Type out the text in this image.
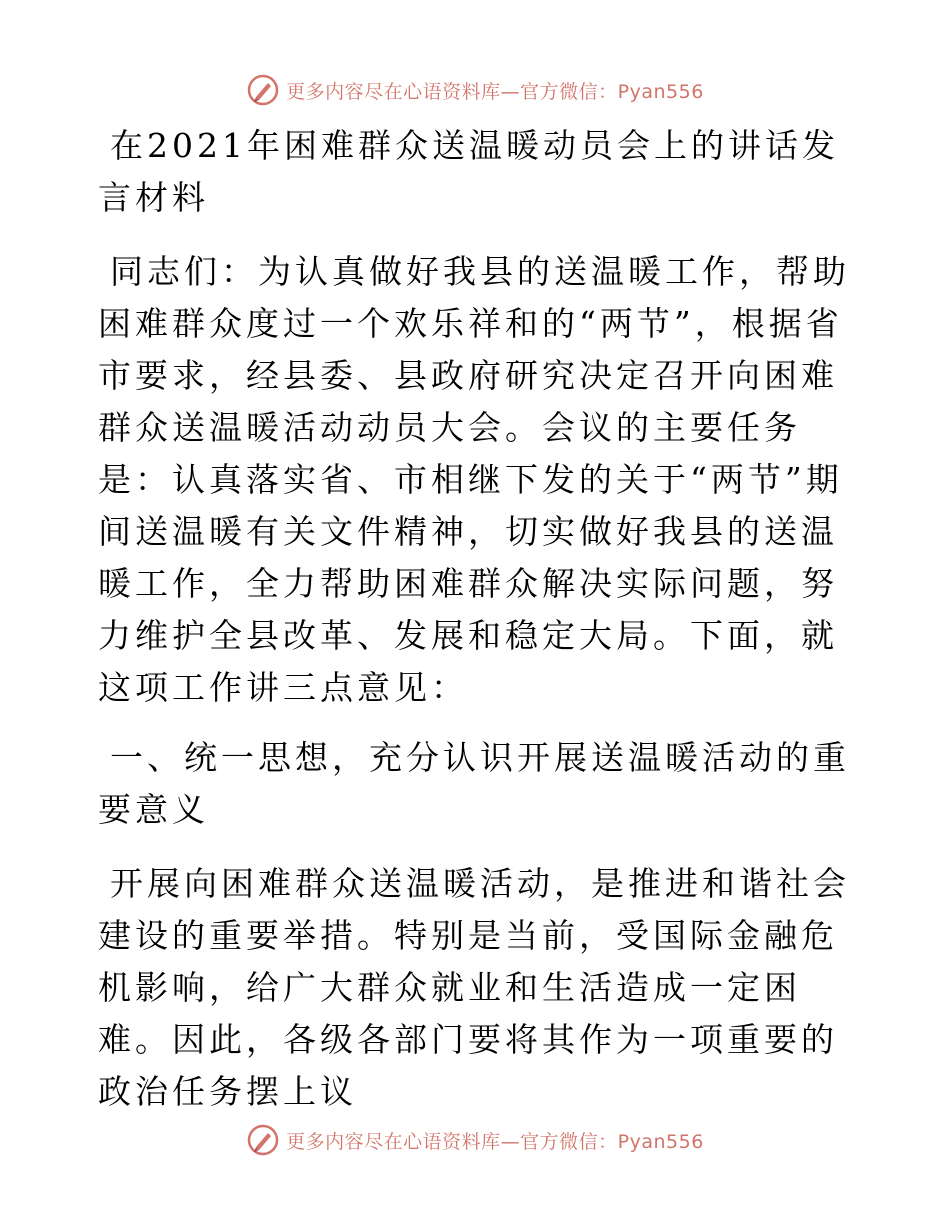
更多内容尽在心语资料库—官方微信：Pyan556

在2021年困难群众送温暖动员会上的讲话发言材料

同志们：为认真做好我县的送温暖工作，帮助困难群众度过一个欢乐祥和的“两节”，根据省市要求，经县委、县政府研究决定召开向困难群众送温暖活动动员大会。会议的主要任务是：认真落实省、市相继下发的关于“两节”期间送温暖有关文件精神，切实做好我县的送温暖工作，全力帮助困难群众解决实际问题，努力维护全县改革、发展和稳定大局。下面，就这项工作讲三点意见：

一、统一思想，充分认识开展送温暖活动的重要意义

开展向困难群众送温暖活动，是推进和谐社会建设的重要举措。特别是当前，受国际金融危机影响，给广大群众就业和生活造成一定困难。因此，各级各部门要将其作为一项重要的政治任务摆上议

更多内容尽在心语资料库—官方微信：Pyan556
